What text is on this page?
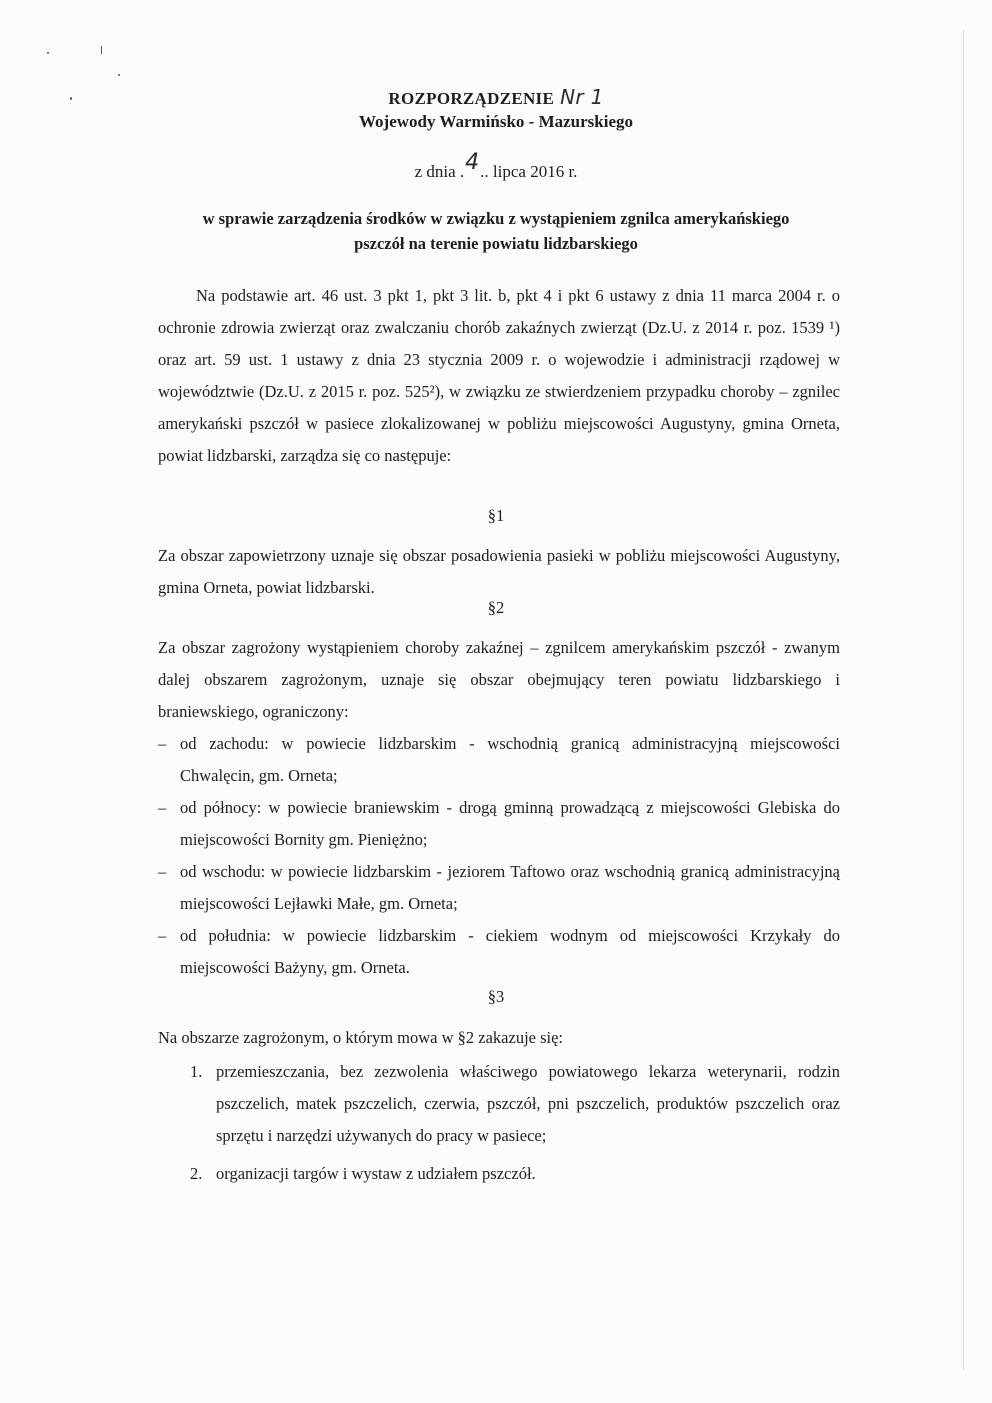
ROZPORZĄDZENIE Nr 1
Wojewody Warmińsko - Mazurskiego
z dnia .4.. lipca 2016 r.
w sprawie zarządzenia środków w związku z wystąpieniem zgnilca amerykańskiego
pszczół na terenie powiatu lidzbarskiego
Na podstawie art. 46 ust. 3 pkt 1, pkt 3 lit. b, pkt 4 i pkt 6 ustawy z dnia 11 marca 2004 r. o ochronie zdrowia zwierząt oraz zwalczaniu chorób zakaźnych zwierząt (Dz.U. z 2014 r. poz. 1539 ¹) oraz art. 59 ust. 1 ustawy z dnia 23 stycznia 2009 r. o wojewodzie i administracji rządowej w województwie (Dz.U. z 2015 r. poz. 525²), w związku ze stwierdzeniem przypadku choroby – zgnilec amerykański pszczół w pasiece zlokalizowanej w pobliżu miejscowości Augustyny, gmina Orneta, powiat lidzbarski, zarządza się co następuje:
§1
Za obszar zapowietrzony uznaje się obszar posadowienia pasieki w pobliżu miejscowości Augustyny, gmina Orneta, powiat lidzbarski.
§2
Za obszar zagrożony wystąpieniem choroby zakaźnej – zgnilcem amerykańskim pszczół - zwanym dalej obszarem zagrożonym, uznaje się obszar obejmujący teren powiatu lidzbarskiego i braniewskiego, ograniczony:
– od zachodu: w powiecie lidzbarskim - wschodnią granicą administracyjną miejscowości Chwalęcin, gm. Orneta;
– od północy: w powiecie braniewskim - drogą gminną prowadzącą z miejscowości Glebiska do miejscowości Bornity gm. Pieniężno;
– od wschodu: w powiecie lidzbarskim - jeziorem Taftowo oraz wschodnią granicą administracyjną miejscowości Lejławki Małe, gm. Orneta;
– od południa: w powiecie lidzbarskim - ciekiem wodnym od miejscowości Krzykały do miejscowości Bażyny, gm. Orneta.
§3
Na obszarze zagrożonym, o którym mowa w §2 zakazuje się:
1. przemieszczania, bez zezwolenia właściwego powiatowego lekarza weterynarii, rodzin pszczelich, matek pszczelich, czerwia, pszczół, pni pszczelich, produktów pszczelich oraz sprzętu i narzędzi używanych do pracy w pasiece;
2. organizacji targów i wystaw z udziałem pszczół.
